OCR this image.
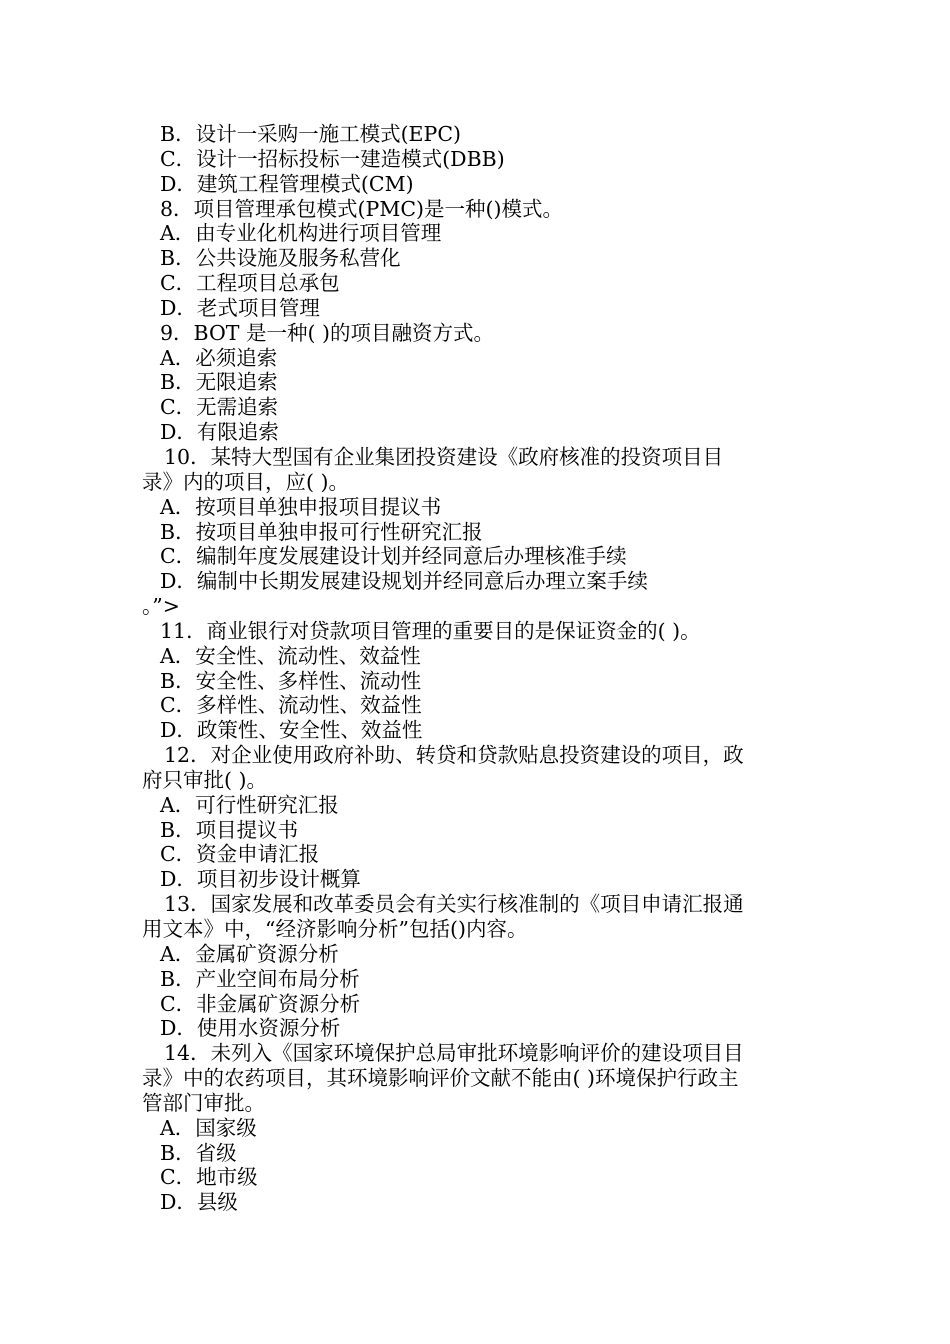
B．设计一采购一施工模式(EPC)

C．设计一招标投标一建造模式(DBB)

D．建筑工程管理模式(CM)

8．项目管理承包模式(PMC)是一种()模式。

A．由专业化机构进行项目管理

B．公共设施及服务私营化

C．工程项目总承包

D．老式项目管理

9．BOT 是一种( )的项目融资方式。

A．必须追索

B．无限追索

C．无需追索

D．有限追索

10．某特大型国有企业集团投资建设《政府核准的投资项目目

录》内的项目，应( )。

A．按项目单独申报项目提议书

B．按项目单独申报可行性研究汇报

C．编制年度发展建设计划并经同意后办理核准手续

D．编制中长期发展建设规划并经同意后办理立案手续

。”>

11．商业银行对贷款项目管理的重要目的是保证资金的( )。

A．安全性、流动性、效益性

B．安全性、多样性、流动性

C．多样性、流动性、效益性

D．政策性、安全性、效益性

12．对企业使用政府补助、转贷和贷款贴息投资建设的项目，政

府只审批( )。

A．可行性研究汇报

B．项目提议书

C．资金申请汇报

D．项目初步设计概算

13．国家发展和改革委员会有关实行核准制的《项目申请汇报通

用文本》中，“经济影响分析”包括()内容。

A．金属矿资源分析

B．产业空间布局分析

C．非金属矿资源分析

D．使用水资源分析

14．未列入《国家环境保护总局审批环境影响评价的建设项目目

录》中的农药项目，其环境影响评价文献不能由( )环境保护行政主

管部门审批。

A．国家级

B．省级

C．地市级

D．县级
